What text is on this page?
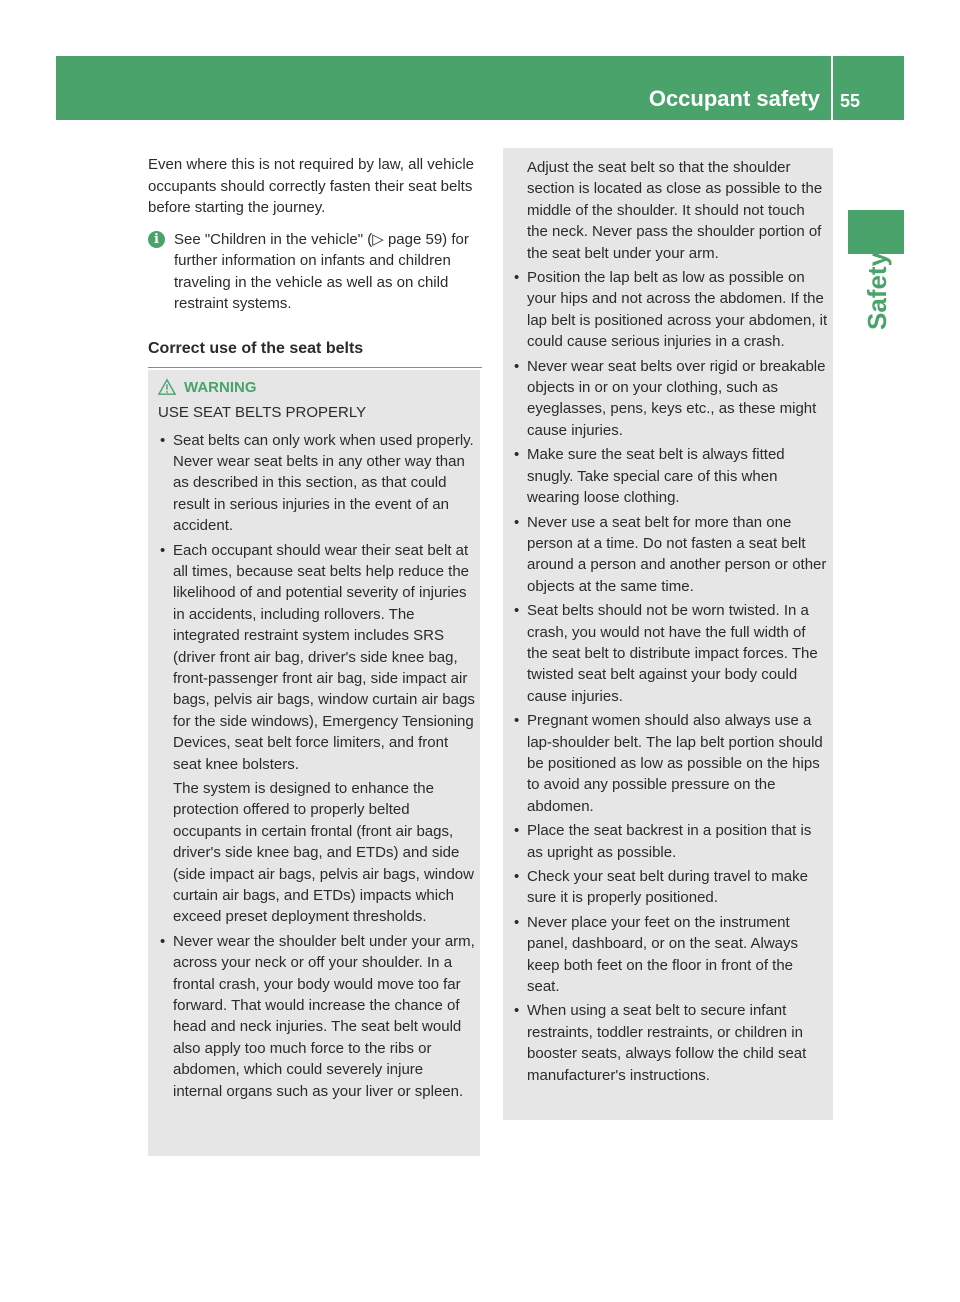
Occupant safety 55
Safety

Even where this is not required by law, all vehicle occupants should correctly fasten their seat belts before starting the journey.

i	See "Children in the vehicle" (▷ page 59) for further information on infants and children traveling in the vehicle as well as on child restraint systems.
Correct use of the seat belts
WARNING
USE SEAT BELTS PROPERLY
• Seat belts can only work when used properly. Never wear seat belts in any other way than as described in this section, as that could result in serious injuries in the event of an accident.
• Each occupant should wear their seat belt at all times, because seat belts help reduce the likelihood of and potential severity of injuries in accidents, including rollovers. The integrated restraint system includes SRS (driver front air bag, driver's side knee bag, front-passenger front air bag, side impact air bags, pelvis air bags, window curtain air bags for the side windows), Emergency Tensioning Devices, seat belt force limiters, and front seat knee bolsters.
The system is designed to enhance the protection offered to properly belted occupants in certain frontal (front air bags, driver's side knee bag, and ETDs) and side (side impact air bags, pelvis air bags, window curtain air bags, and ETDs) impacts which exceed preset deployment thresholds.
• Never wear the shoulder belt under your arm, across your neck or off your shoulder. In a frontal crash, your body would move too far forward. That would increase the chance of head and neck injuries. The seat belt would also apply too much force to the ribs or abdomen, which could severely injure internal organs such as your liver or spleen.
Adjust the seat belt so that the shoulder section is located as close as possible to the middle of the shoulder. It should not touch the neck. Never pass the shoulder portion of the seat belt under your arm.
• Position the lap belt as low as possible on your hips and not across the abdomen. If the lap belt is positioned across your abdomen, it could cause serious injuries in a crash.
• Never wear seat belts over rigid or breakable objects in or on your clothing, such as eyeglasses, pens, keys etc., as these might cause injuries.
• Make sure the seat belt is always fitted snugly. Take special care of this when wearing loose clothing.
• Never use a seat belt for more than one person at a time. Do not fasten a seat belt around a person and another person or other objects at the same time.
• Seat belts should not be worn twisted. In a crash, you would not have the full width of the seat belt to distribute impact forces. The twisted seat belt against your body could cause injuries.
• Pregnant women should also always use a lap-shoulder belt. The lap belt portion should be positioned as low as possible on the hips to avoid any possible pressure on the abdomen.
• Place the seat backrest in a position that is as upright as possible.
• Check your seat belt during travel to make sure it is properly positioned.
• Never place your feet on the instrument panel, dashboard, or on the seat. Always keep both feet on the floor in front of the seat.
• When using a seat belt to secure infant restraints, toddler restraints, or children in booster seats, always follow the child seat manufacturer's instructions.
